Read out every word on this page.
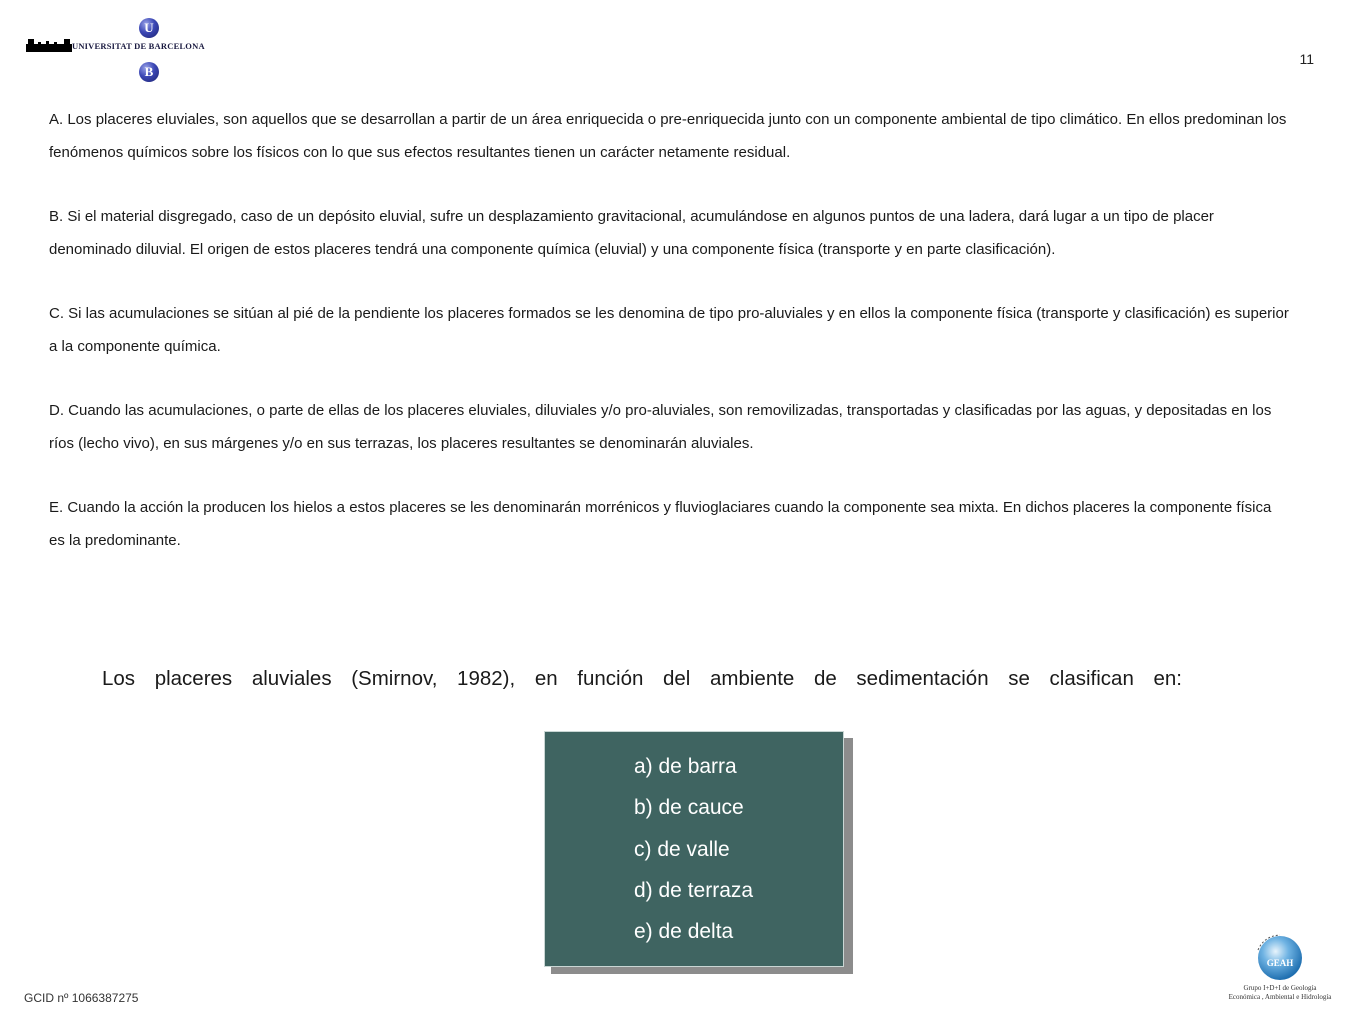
U
UNIVERSITAT DE BARCELONA
B
11

A. Los placeres eluviales, son aquellos que se desarrollan a partir de un área enriquecida o pre-enriquecida junto con un componente ambiental de tipo climático. En ellos predominan los fenómenos químicos sobre los físicos con lo que sus efectos resultantes tienen un carácter netamente residual.

B. Si el material disgregado, caso de un depósito eluvial, sufre un desplazamiento gravitacional, acumulándose en algunos puntos de una ladera, dará lugar a un tipo de placer denominado diluvial. El origen de estos placeres tendrá una componente química (eluvial) y una componente física (transporte y en parte clasificación).

C. Si las acumulaciones se sitúan al pié de la pendiente los placeres formados se les denomina de tipo pro-aluviales y en ellos la componente física (transporte y clasificación) es superior a la componente química.

D. Cuando las acumulaciones, o parte de ellas de los placeres eluviales, diluviales y/o pro-aluviales, son removilizadas, transportadas y clasificadas por las aguas, y depositadas en los ríos (lecho vivo), en sus márgenes y/o en sus terrazas, los placeres resultantes se denominarán aluviales.

E. Cuando la acción la producen los hielos a estos placeres se les denominarán morrénicos y fluvioglaciares cuando la componente sea mixta. En dichos placeres la componente física es la predominante.

Los placeres aluviales (Smirnov, 1982), en función del ambiente de sedimentación se clasifican en:
a) de barra
b) de cauce
c) de valle
d) de terraza
e) de delta
GCID nº 1066387275
GEAH
Grupo I+D+I de Geología
Económica , Ambiental e Hidrología
